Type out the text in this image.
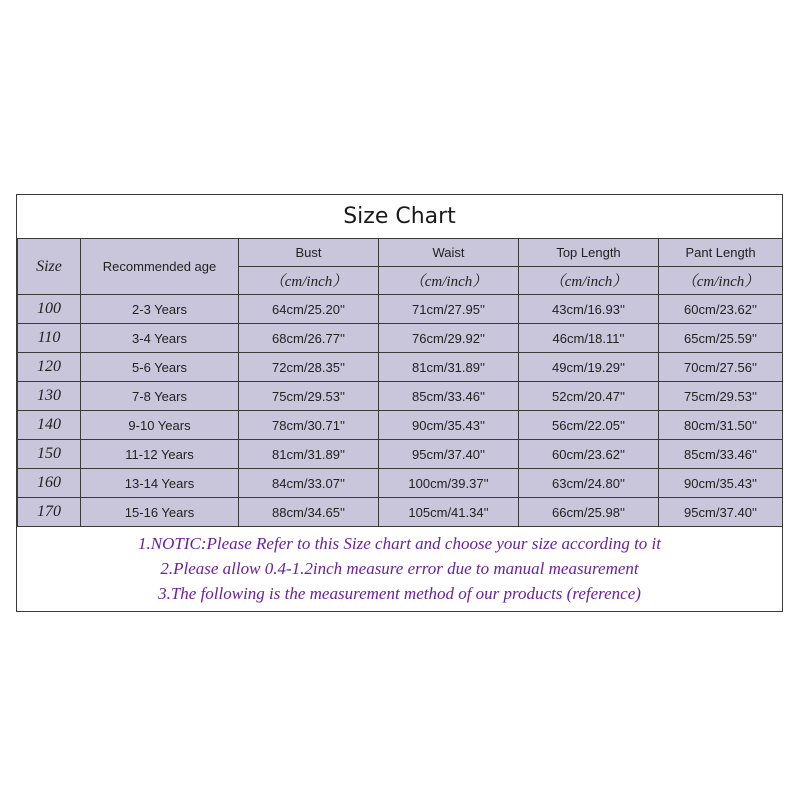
Size Chart
Size	Recommended age	Bust	Waist	Top Length	Pant Length
		（cm/inch）	（cm/inch）	（cm/inch）	（cm/inch）
100	2-3 Years	64cm/25.20''	71cm/27.95''	43cm/16.93''	60cm/23.62''
110	3-4 Years	68cm/26.77''	76cm/29.92''	46cm/18.11''	65cm/25.59''
120	5-6 Years	72cm/28.35''	81cm/31.89''	49cm/19.29''	70cm/27.56''
130	7-8 Years	75cm/29.53''	85cm/33.46''	52cm/20.47''	75cm/29.53''
140	9-10 Years	78cm/30.71''	90cm/35.43''	56cm/22.05''	80cm/31.50''
150	11-12 Years	81cm/31.89''	95cm/37.40''	60cm/23.62''	85cm/33.46''
160	13-14 Years	84cm/33.07''	100cm/39.37''	63cm/24.80''	90cm/35.43''
170	15-16 Years	88cm/34.65''	105cm/41.34''	66cm/25.98''	95cm/37.40''
1.NOTIC:Please Refer to this Size chart and choose your size according to it
2.Please allow 0.4-1.2inch measure error due to manual measurement
3.The following is the measurement method of our products (reference)
